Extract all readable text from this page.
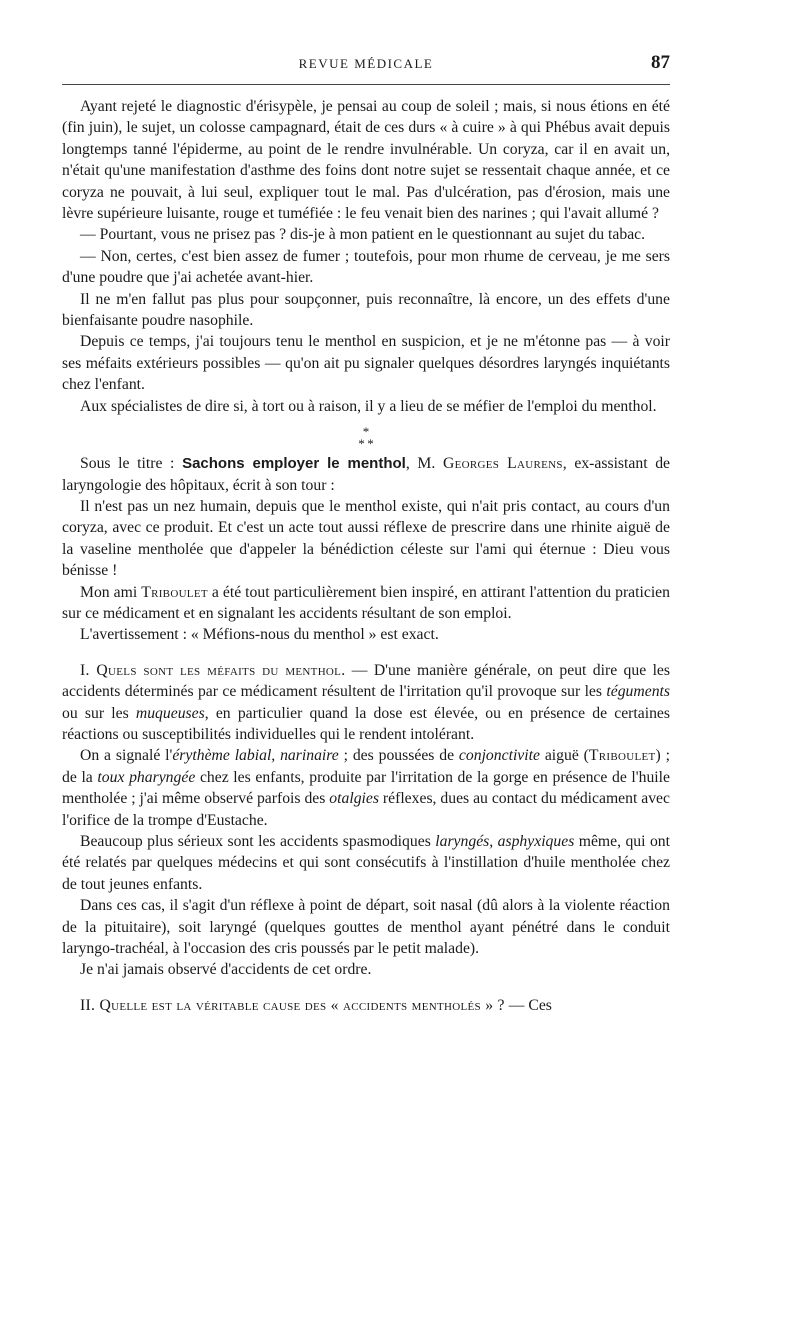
REVUE MÉDICALE	87

Ayant rejeté le diagnostic d'érisypèle, je pensai au coup de soleil ; mais, si nous étions en été (fin juin), le sujet, un colosse campagnard, était de ces durs « à cuire » à qui Phébus avait depuis longtemps tanné l'épiderme, au point de le rendre invulnérable. Un coryza, car il en avait un, n'était qu'une manifestation d'asthme des foins dont notre sujet se ressentait chaque année, et ce coryza ne pouvait, à lui seul, expliquer tout le mal. Pas d'ulcération, pas d'érosion, mais une lèvre supérieure luisante, rouge et tuméfiée : le feu venait bien des narines ; qui l'avait allumé ?

— Pourtant, vous ne prisez pas ? dis-je à mon patient en le questionnant au sujet du tabac.

— Non, certes, c'est bien assez de fumer ; toutefois, pour mon rhume de cerveau, je me sers d'une poudre que j'ai achetée avant-hier.

Il ne m'en fallut pas plus pour soupçonner, puis reconnaître, là encore, un des effets d'une bienfaisante poudre nasophile.

Depuis ce temps, j'ai toujours tenu le menthol en suspicion, et je ne m'étonne pas — à voir ses méfaits extérieurs possibles — qu'on ait pu signaler quelques désordres laryngés inquiétants chez l'enfant.

Aux spécialistes de dire si, à tort ou à raison, il y a lieu de se méfier de l'emploi du menthol.

*
* *

Sous le titre : Sachons employer le menthol, M. Georges Laurens, ex-assistant de laryngologie des hôpitaux, écrit à son tour :

Il n'est pas un nez humain, depuis que le menthol existe, qui n'ait pris contact, au cours d'un coryza, avec ce produit. Et c'est un acte tout aussi réflexe de prescrire dans une rhinite aiguë de la vaseline mentholée que d'appeler la bénédiction céleste sur l'ami qui éternue : Dieu vous bénisse !

Mon ami Triboulet a été tout particulièrement bien inspiré, en attirant l'attention du praticien sur ce médicament et en signalant les accidents résultant de son emploi.

L'avertissement : « Méfions-nous du menthol » est exact.

I. Quels sont les méfaits du menthol. — D'une manière générale, on peut dire que les accidents déterminés par ce médicament résultent de l'irritation qu'il provoque sur les téguments ou sur les muqueuses, en particulier quand la dose est élevée, ou en présence de certaines réactions ou susceptibilités individuelles qui le rendent intolérant.

On a signalé l'érythème labial, narinaire ; des poussées de conjonctivite aiguë (Triboulet) ; de la toux pharyngée chez les enfants, produite par l'irritation de la gorge en présence de l'huile mentholée ; j'ai même observé parfois des otalgies réflexes, dues au contact du médicament avec l'orifice de la trompe d'Eustache.

Beaucoup plus sérieux sont les accidents spasmodiques laryngés, asphyxiques même, qui ont été relatés par quelques médecins et qui sont consécutifs à l'instillation d'huile mentholée chez de tout jeunes enfants.

Dans ces cas, il s'agit d'un réflexe à point de départ, soit nasal (dû alors à la violente réaction de la pituitaire), soit laryngé (quelques gouttes de menthol ayant pénétré dans le conduit laryngo-trachéal, à l'occasion des cris poussés par le petit malade).

Je n'ai jamais observé d'accidents de cet ordre.

II. Quelle est la véritable cause des « accidents mentholés » ? — Ces
